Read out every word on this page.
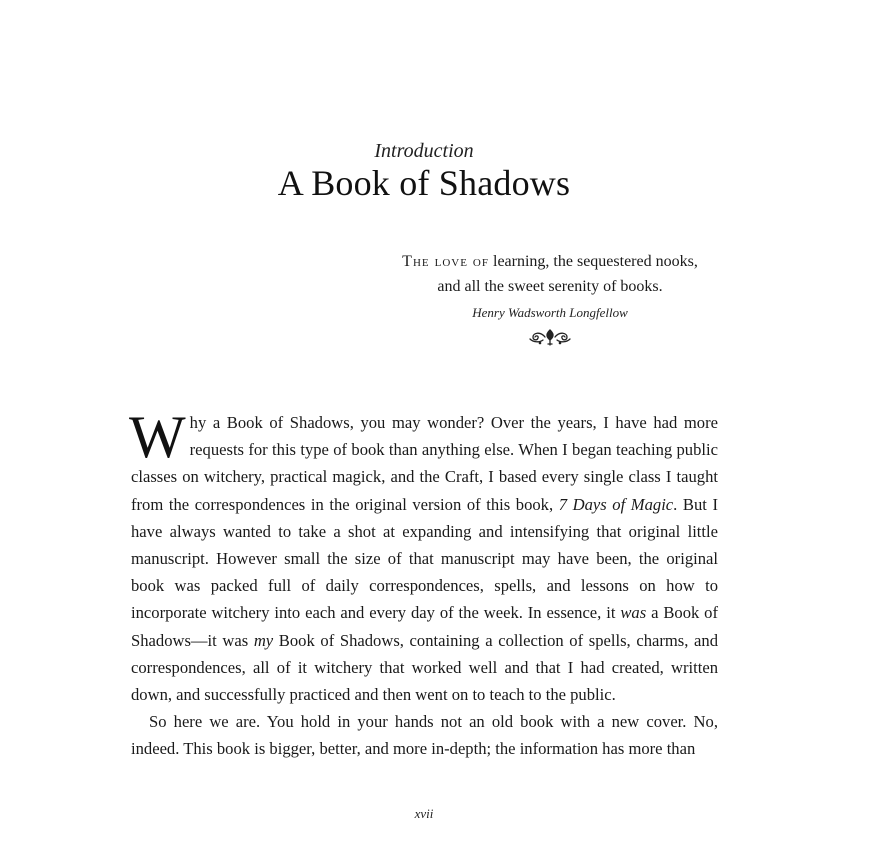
Introduction
A Book of Shadows
The love of learning, the sequestered nooks, and all the sweet serenity of books.
Henry Wadsworth Longfellow

Why a Book of Shadows, you may wonder? Over the years, I have had more requests for this type of book than anything else. When I began teaching public classes on witchery, practical magick, and the Craft, I based every single class I taught from the correspondences in the original version of this book, 7 Days of Magic. But I have always wanted to take a shot at expanding and intensifying that original little manuscript. However small the size of that manuscript may have been, the original book was packed full of daily correspondences, spells, and lessons on how to incorporate witchery into each and every day of the week. In essence, it was a Book of Shadows—it was my Book of Shadows, containing a collection of spells, charms, and correspondences, all of it witchery that worked well and that I had created, written down, and successfully practiced and then went on to teach to the public.

So here we are. You hold in your hands not an old book with a new cover. No, indeed. This book is bigger, better, and more in-depth; the information has more than

xvii
